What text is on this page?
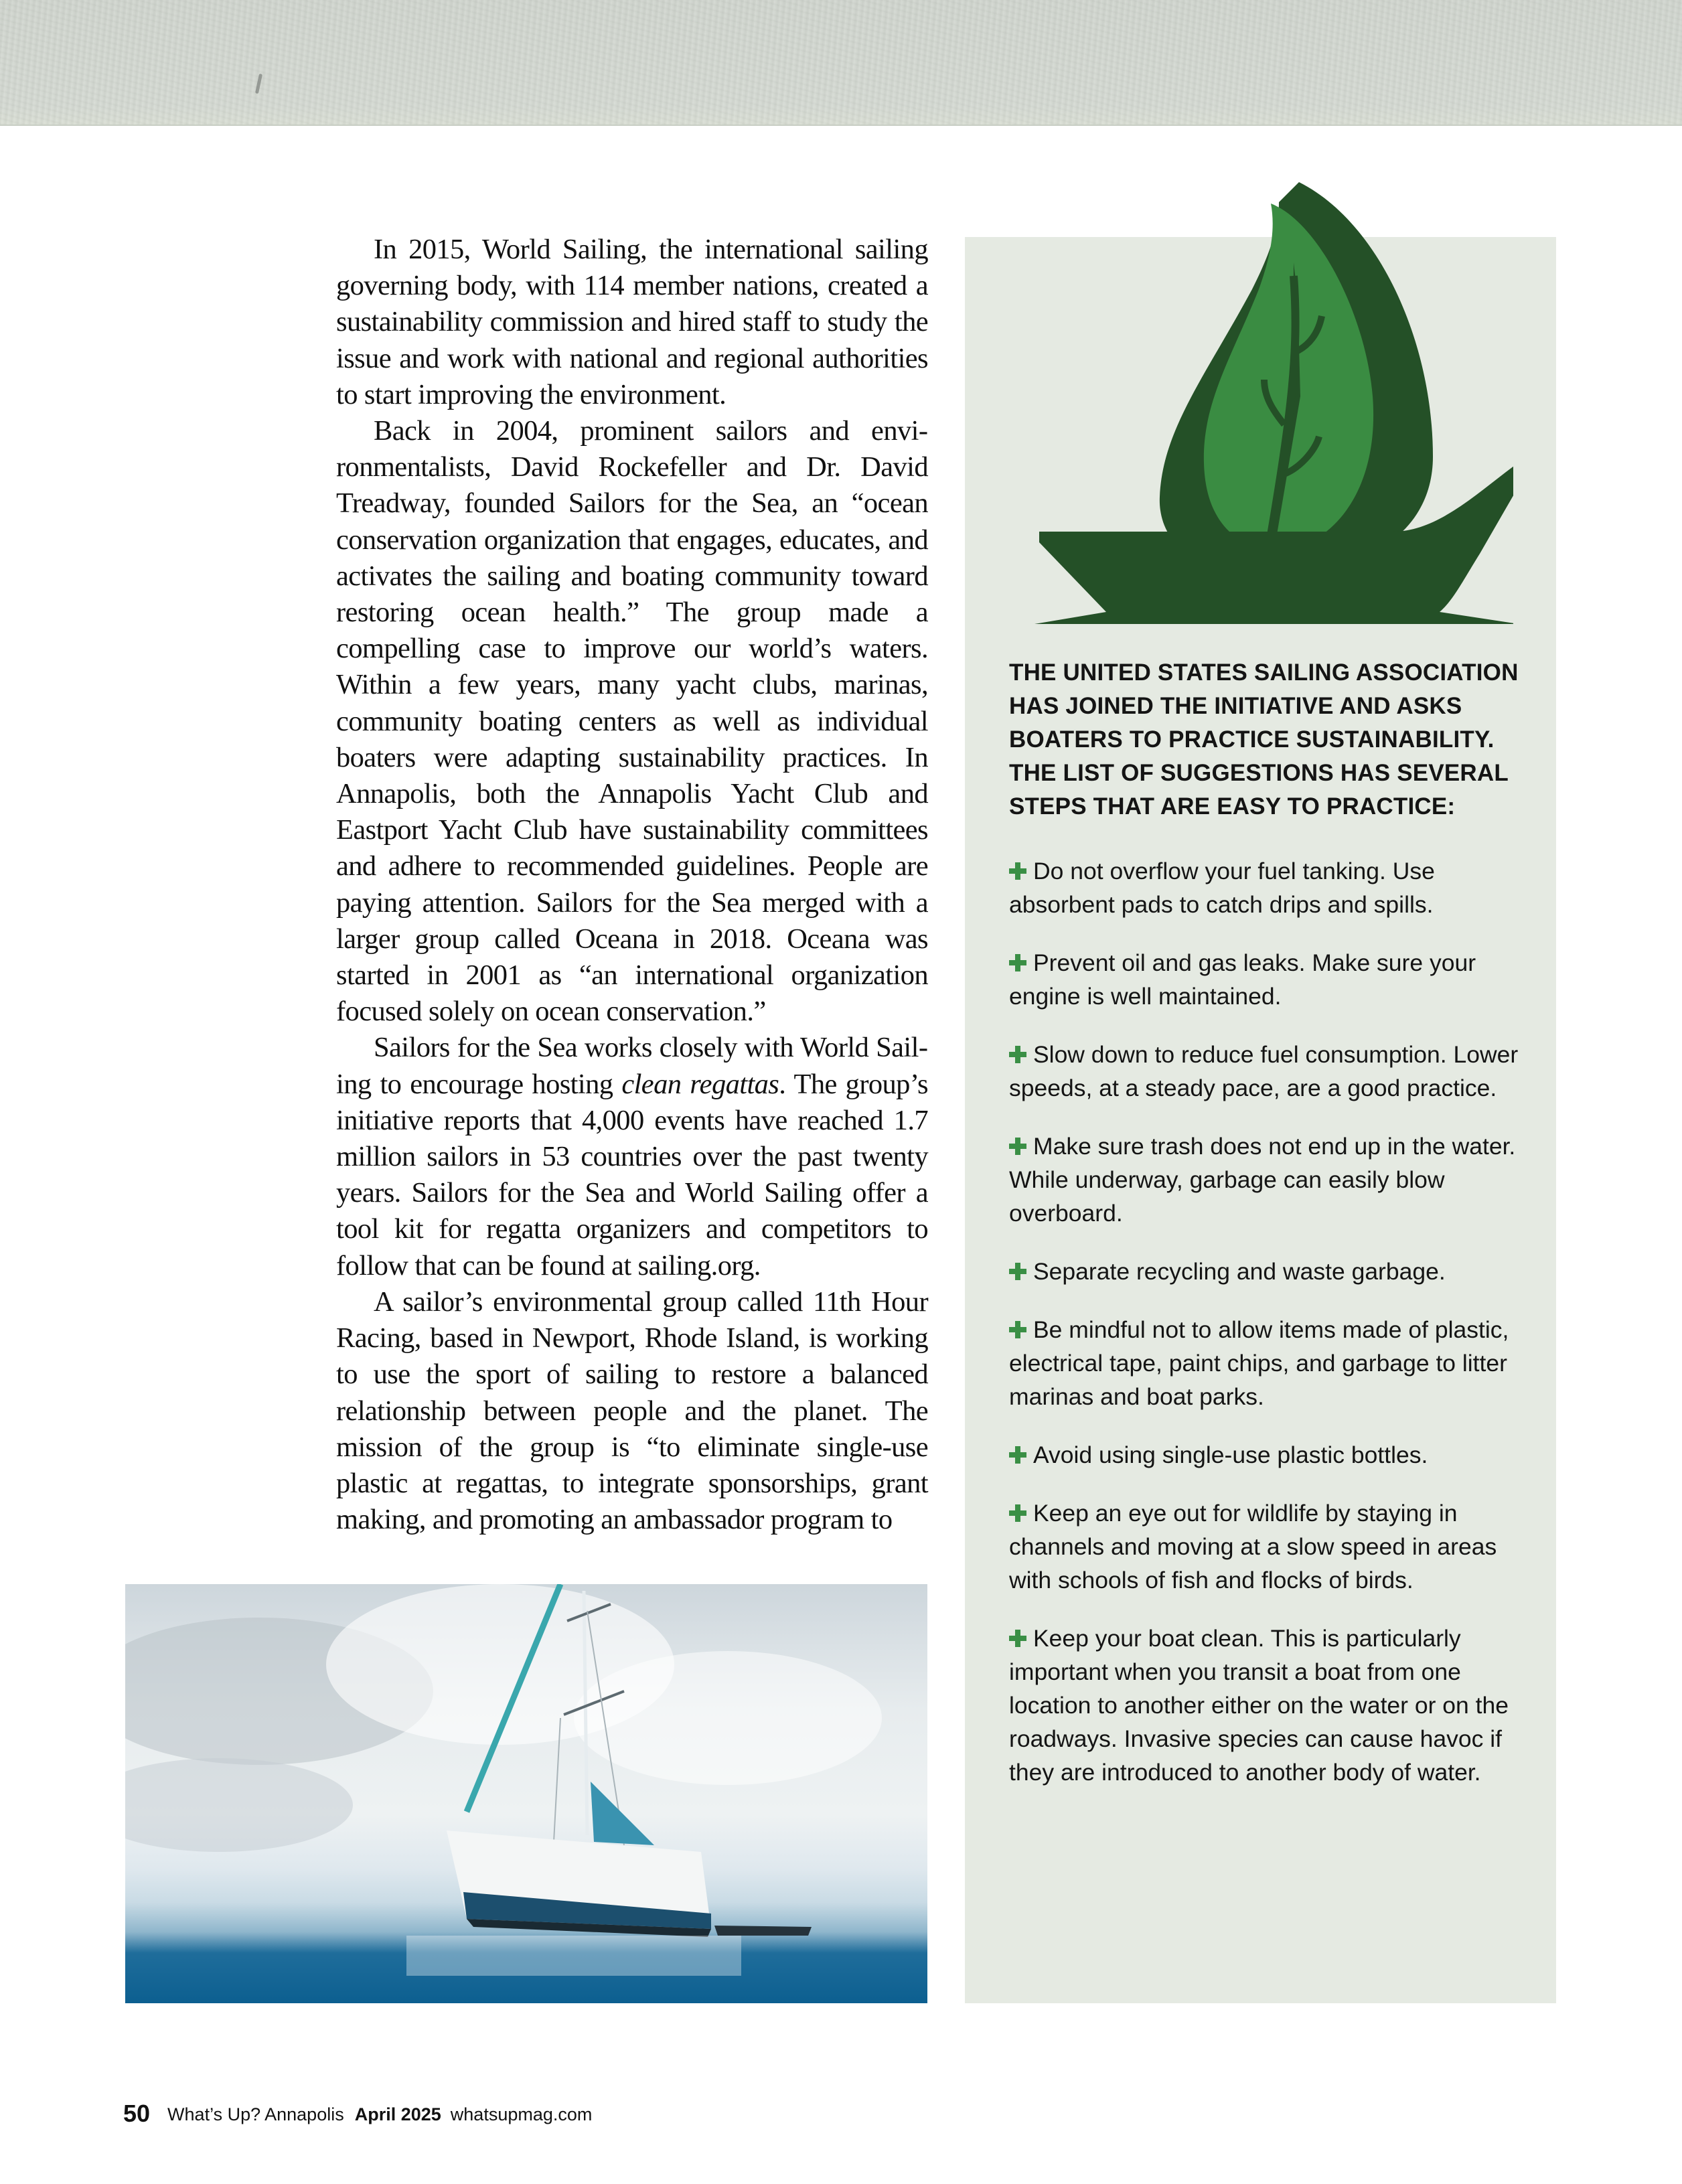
In 2015, World Sailing, the international sailing governing body, with 114 member nations, created a sustainability commission and hired staff to study the issue and work with national and regional authorities to start improving the environment.

Back in 2004, prominent sailors and environmentalists, David Rockefeller and Dr. David Treadway, founded Sailors for the Sea, an “ocean conservation organization that engages, educates, and activates the sailing and boating community toward restoring ocean health.” The group made a compelling case to improve our world’s waters. Within a few years, many yacht clubs, marinas, community boating centers as well as individual boaters were adapting sustainability practices. In Annapolis, both the Annapolis Yacht Club and Eastport Yacht Club have sustainability committees and adhere to recommended guidelines. People are paying attention. Sailors for the Sea merged with a larger group called Oceana in 2018. Oceana was started in 2001 as “an international organization focused solely on ocean conservation.”

Sailors for the Sea works closely with World Sailing to encourage hosting clean regattas. The group’s initiative reports that 4,000 events have reached 1.7 million sailors in 53 countries over the past twenty years. Sailors for the Sea and World Sailing offer a tool kit for regatta organizers and competitors to follow that can be found at sailing.org.

A sailor’s environmental group called 11th Hour Racing, based in Newport, Rhode Island, is working to use the sport of sailing to restore a balanced relationship between people and the planet. The mission of the group is “to eliminate single-use plastic at regattas, to integrate sponsorships, grant making, and promoting an ambassador program to

THE UNITED STATES SAILING ASSOCIATION HAS JOINED THE INITIATIVE AND ASKS BOATERS TO PRACTICE SUSTAINABILITY. THE LIST OF SUGGESTIONS HAS SEVERAL STEPS THAT ARE EASY TO PRACTICE:
Do not overflow your fuel tanking. Use absorbent pads to catch drips and spills.
Prevent oil and gas leaks. Make sure your engine is well maintained.
Slow down to reduce fuel consumption. Lower speeds, at a steady pace, are a good practice.
Make sure trash does not end up in the water. While underway, garbage can easily blow overboard.
Separate recycling and waste garbage.
Be mindful not to allow items made of plastic, electrical tape, paint chips, and garbage to litter marinas and boat parks.
Avoid using single-use plastic bottles.
Keep an eye out for wildlife by staying in channels and moving at a slow speed in areas with schools of fish and flocks of birds.
Keep your boat clean. This is particularly important when you transit a boat from one location to another either on the water or on the roadways. Invasive species can cause havoc if they are introduced to another body of water.
50 What’s Up? Annapolis April 2025 whatsupmag.com
